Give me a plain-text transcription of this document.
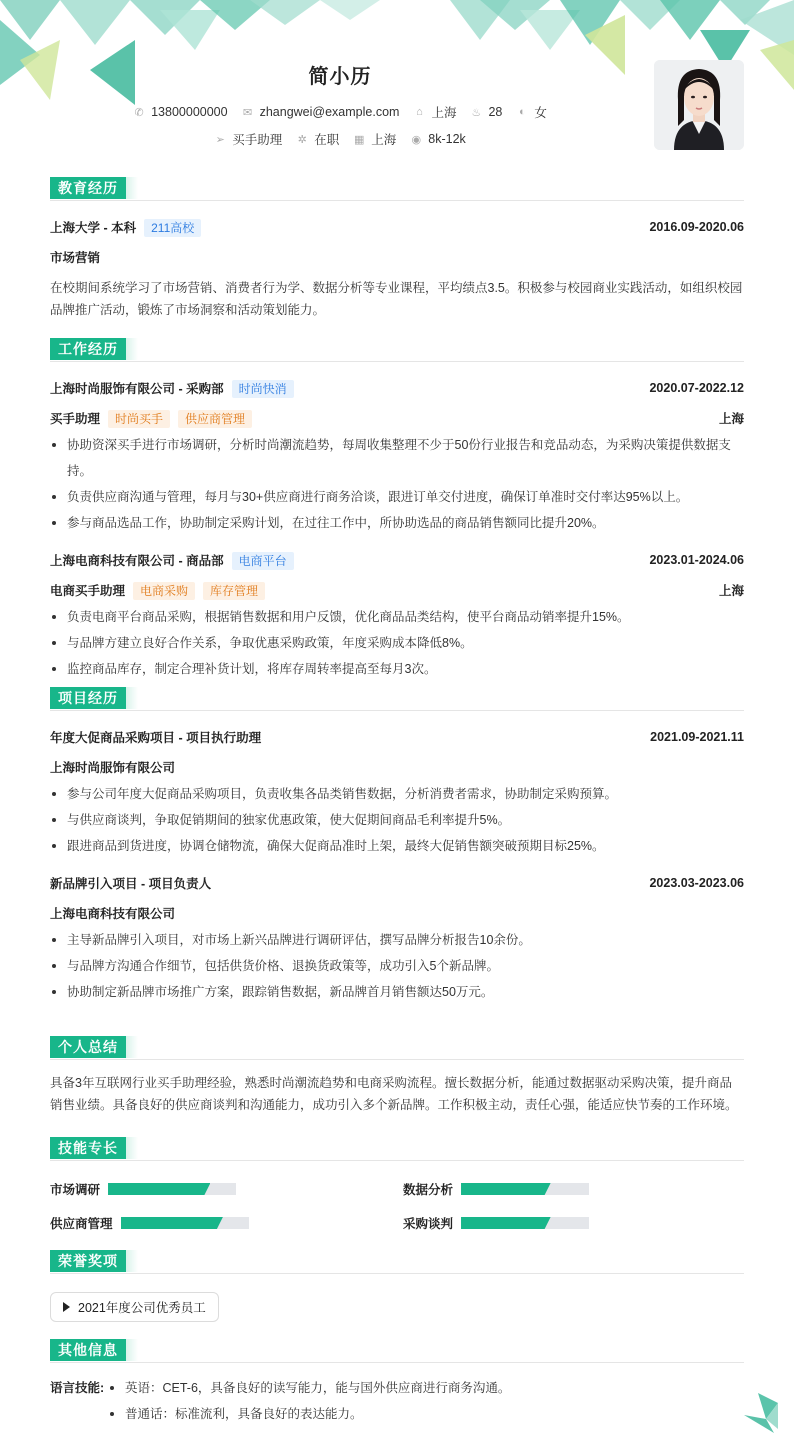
简小历
✆ 13800000000 ✉ zhangwei@example.com ⌂ 上海 ♨ 28 ◐ 女
➢ 买手助理 ✲ 在职 ▦ 上海 ◉ 8k-12k
教育经历
上海大学 - 本科 211高校	2016.09-2020.06
市场营销
在校期间系统学习了市场营销、消费者行为学、数据分析等专业课程，平均绩点3.5。积极参与校园商业实践活动，如组织校园品牌推广活动，锻炼了市场洞察和活动策划能力。
工作经历
上海时尚服饰有限公司 - 采购部 时尚快消	2020.07-2022.12
买手助理 时尚买手 供应商管理	上海
协助资深买手进行市场调研，分析时尚潮流趋势，每周收集整理不少于50份行业报告和竞品动态，为采购决策提供数据支持。
负责供应商沟通与管理，每月与30+供应商进行商务洽谈，跟进订单交付进度，确保订单准时交付率达95%以上。
参与商品选品工作，协助制定采购计划，在过往工作中，所协助选品的商品销售额同比提升20%。
上海电商科技有限公司 - 商品部 电商平台	2023.01-2024.06
电商买手助理 电商采购 库存管理	上海
负责电商平台商品采购，根据销售数据和用户反馈，优化商品品类结构，使平台商品动销率提升15%。
与品牌方建立良好合作关系，争取优惠采购政策，年度采购成本降低8%。
监控商品库存，制定合理补货计划，将库存周转率提高至每月3次。
项目经历
年度大促商品采购项目 - 项目执行助理	2021.09-2021.11
上海时尚服饰有限公司
参与公司年度大促商品采购项目，负责收集各品类销售数据，分析消费者需求，协助制定采购预算。
与供应商谈判，争取促销期间的独家优惠政策，使大促期间商品毛利率提升5%。
跟进商品到货进度，协调仓储物流，确保大促商品准时上架，最终大促销售额突破预期目标25%。
新品牌引入项目 - 项目负责人	2023.03-2023.06
上海电商科技有限公司
主导新品牌引入项目，对市场上新兴品牌进行调研评估，撰写品牌分析报告10余份。
与品牌方沟通合作细节，包括供货价格、退换货政策等，成功引入5个新品牌。
协助制定新品牌市场推广方案，跟踪销售数据，新品牌首月销售额达50万元。
个人总结
具备3年互联网行业买手助理经验，熟悉时尚潮流趋势和电商采购流程。擅长数据分析，能通过数据驱动采购决策，提升商品销售业绩。具备良好的供应商谈判和沟通能力，成功引入多个新品牌。工作积极主动，责任心强，能适应快节奏的工作环境。
技能专长
市场调研	数据分析
供应商管理	采购谈判
荣誉奖项
2021年度公司优秀员工
其他信息
语言技能:	英语：CET-6，具备良好的读写能力，能与国外供应商进行商务沟通。
普通话：标准流利，具备良好的表达能力。
